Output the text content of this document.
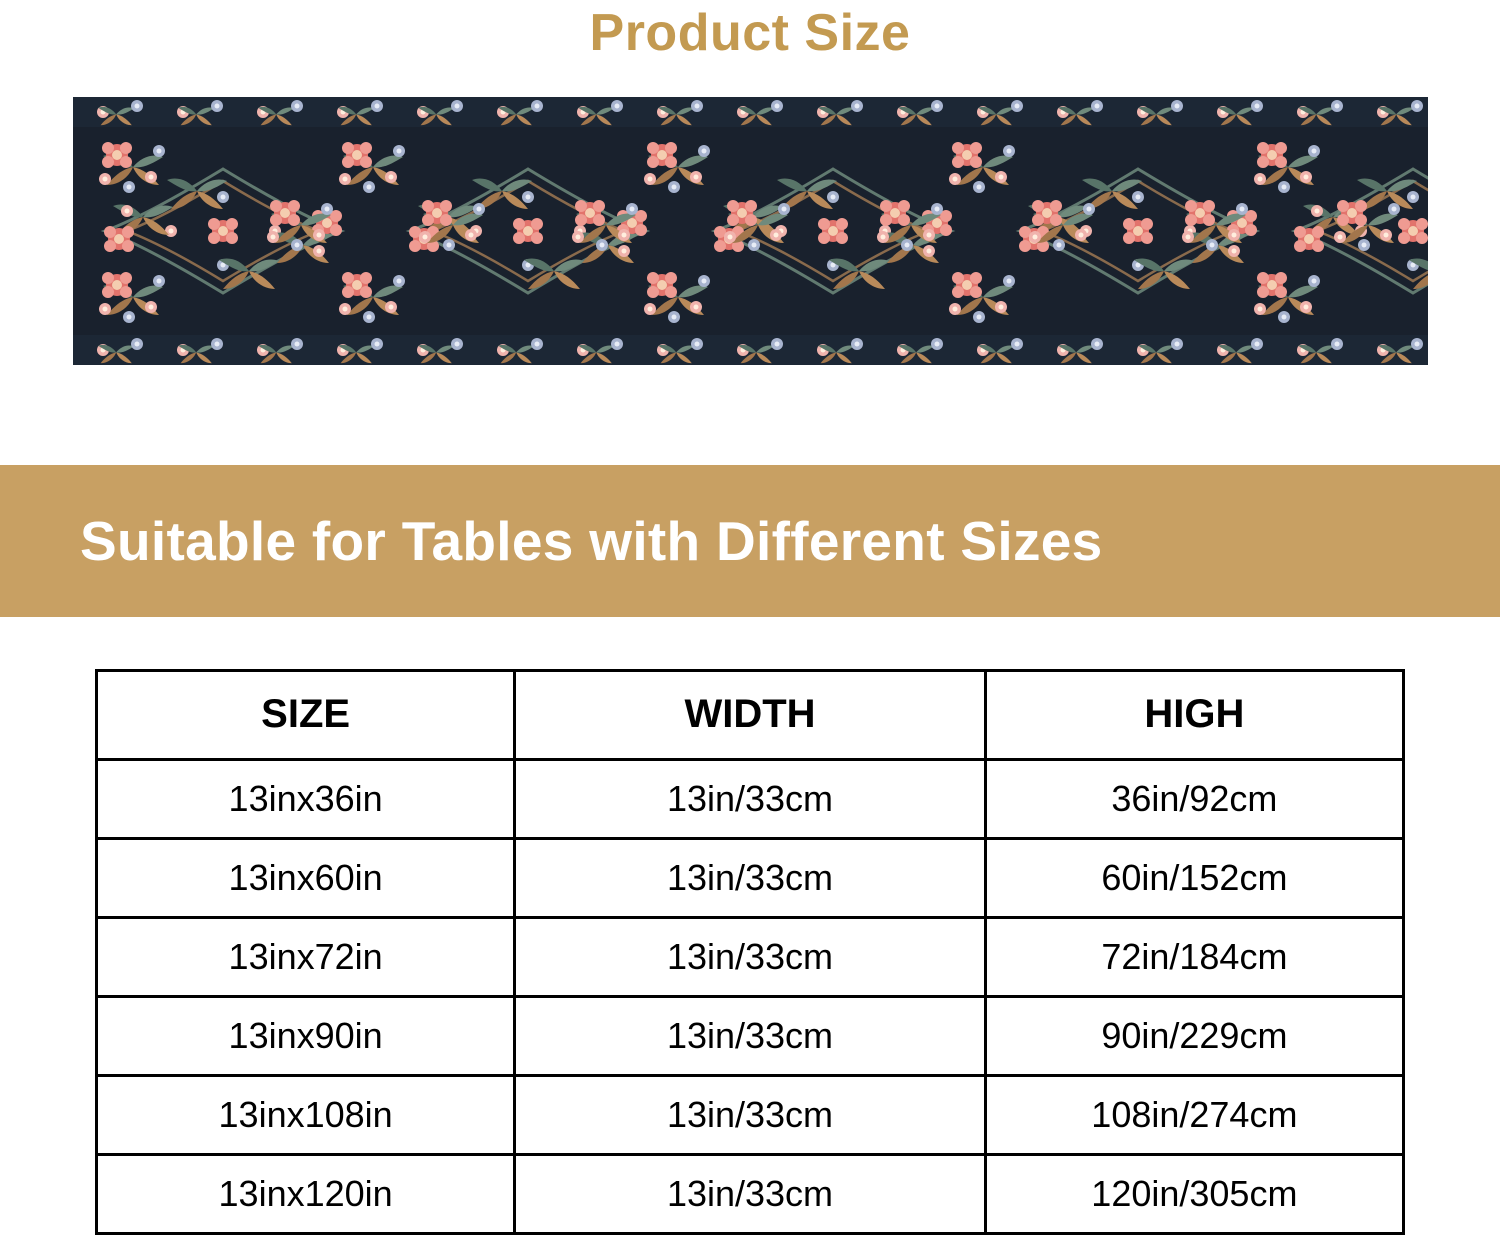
Product Size
Suitable for Tables with Different Sizes
SIZE	WIDTH	HIGH
13inx36in	13in/33cm	36in/92cm
13inx60in	13in/33cm	60in/152cm
13inx72in	13in/33cm	72in/184cm
13inx90in	13in/33cm	90in/229cm
13inx108in	13in/33cm	108in/274cm
13inx120in	13in/33cm	120in/305cm
